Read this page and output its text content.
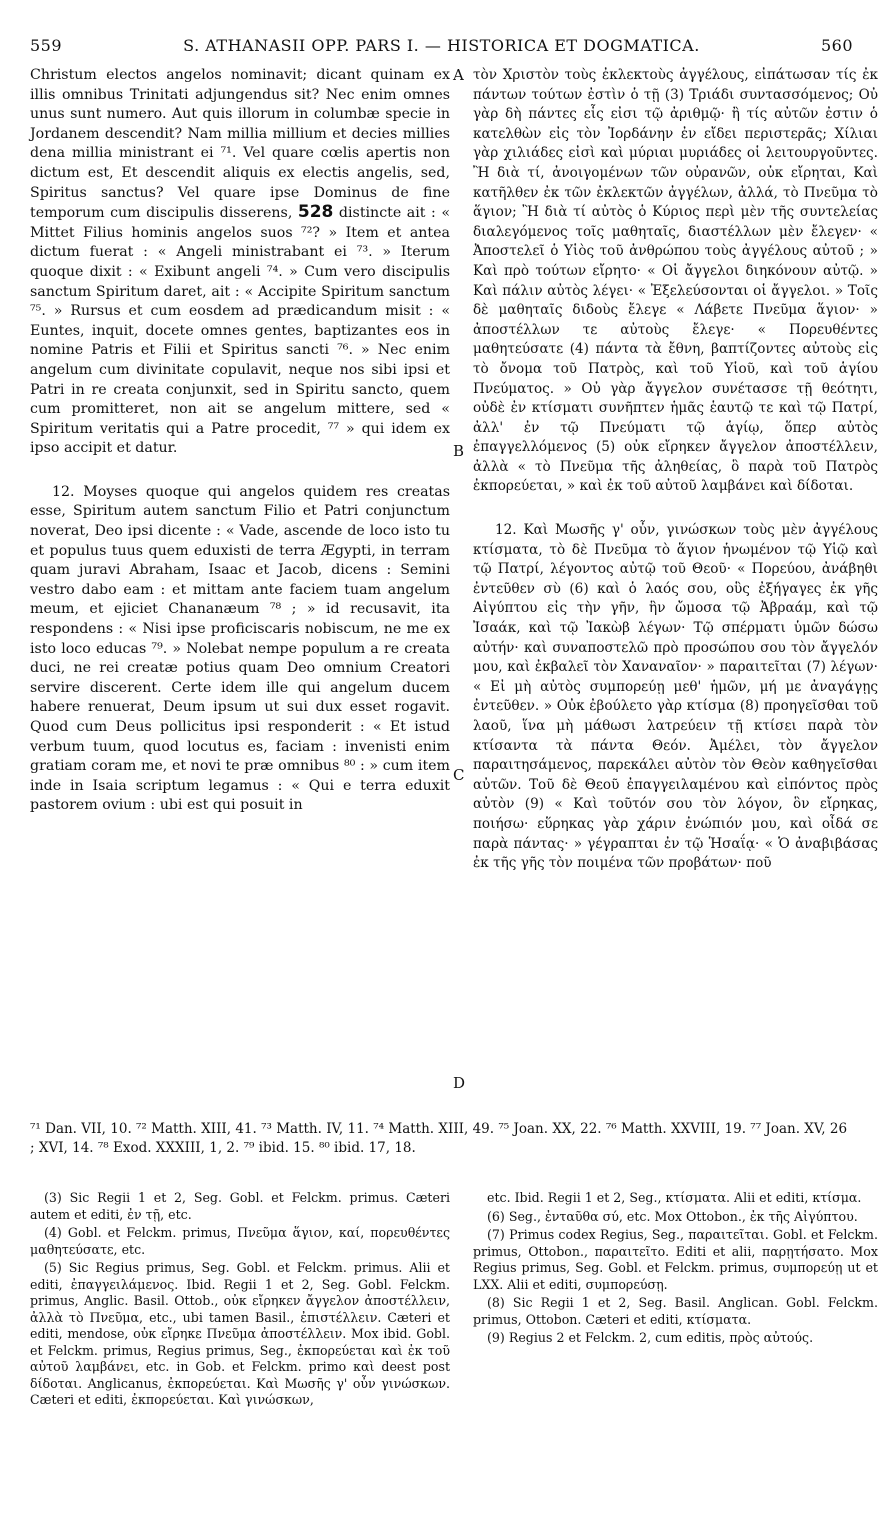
559	S. ATHANASII OPP. PARS I. — HISTORICA ET DOGMATICA.	560
A
B
C
D

Christum electos angelos nominavit; dicant quinam ex illis omnibus Trinitati adjungendus sit? Nec enim omnes unus sunt numero. Aut quis illorum in columbæ specie in Jordanem descendit? Nam millia millium et decies millies dena millia ministrant ei ⁷¹. Vel quare cœlis apertis non dictum est, Et descendit aliquis ex electis angelis, sed, Spiritus sanctus? Vel quare ipse Dominus de fine temporum cum discipulis disserens, 528 distincte ait : « Mittet Filius hominis angelos suos ⁷²? » Item et antea dictum fuerat : « Angeli ministrabant ei ⁷³. » Iterum quoque dixit : « Exibunt angeli ⁷⁴. » Cum vero discipulis sanctum Spiritum daret, ait : « Accipite Spiritum sanctum ⁷⁵. » Rursus et cum eosdem ad prædicandum misit : « Euntes, inquit, docete omnes gentes, baptizantes eos in nomine Patris et Filii et Spiritus sancti ⁷⁶. » Nec enim angelum cum divinitate copulavit, neque nos sibi ipsi et Patri in re creata conjunxit, sed in Spiritu sancto, quem cum promitteret, non ait se angelum mittere, sed « Spiritum veritatis qui a Patre procedit, ⁷⁷ » qui idem ex ipso accipit et datur.

12. Moyses quoque qui angelos quidem res creatas esse, Spiritum autem sanctum Filio et Patri conjunctum noverat, Deo ipsi dicente : « Vade, ascende de loco isto tu et populus tuus quem eduxisti de terra Ægypti, in terram quam juravi Abraham, Isaac et Jacob, dicens : Semini vestro dabo eam : et mittam ante faciem tuam angelum meum, et ejiciet Chananæum ⁷⁸ ; » id recusavit, ita respondens : « Nisi ipse proficiscaris nobiscum, ne me ex isto loco educas ⁷⁹. » Nolebat nempe populum a re creata duci, ne rei creatæ potius quam Deo omnium Creatori servire discerent. Certe idem ille qui angelum ducem habere renuerat, Deum ipsum ut sui dux esset rogavit. Quod cum Deus pollicitus ipsi responderit : « Et istud verbum tuum, quod locutus es, faciam : invenisti enim gratiam coram me, et novi te præ omnibus ⁸⁰ : » cum item inde in Isaia scriptum legamus : « Qui e terra eduxit pastorem ovium : ubi est qui posuit in

τὸν Χριστὸν τοὺς ἐκλεκτοὺς ἀγγέλους, εἰπάτωσαν τίς ἐκ πάντων τούτων ἐστὶν ὁ τῇ (3) Τριάδι συντασσόμενος; Οὐ γὰρ δὴ πάντες εἷς εἰσι τῷ ἀριθμῷ· ἢ τίς αὐτῶν ἐστιν ὁ κατελθὼν εἰς τὸν Ἰορδάνην ἐν εἴδει περιστερᾶς; Χίλιαι γὰρ χιλιάδες εἰσὶ καὶ μύριαι μυριάδες οἱ λειτουργοῦντες. Ἢ διὰ τί, ἀνοιγομένων τῶν οὐρανῶν, οὐκ εἴρηται, Καὶ κατῆλθεν ἐκ τῶν ἐκλεκτῶν ἀγγέλων, ἀλλά, τὸ Πνεῦμα τὸ ἅγιον; Ἢ διὰ τί αὐτὸς ὁ Κύριος περὶ μὲν τῆς συντελείας διαλεγόμενος τοῖς μαθηταῖς, διαστέλλων μὲν ἔλεγεν· « Ἀποστελεῖ ὁ Υἱὸς τοῦ ἀνθρώπου τοὺς ἀγγέλους αὐτοῦ ; » Καὶ πρὸ τούτων εἴρητο· « Οἱ ἄγγελοι διηκόνουν αὐτῷ. » Καὶ πάλιν αὐτὸς λέγει· « Ἐξελεύσονται οἱ ἄγγελοι. » Τοῖς δὲ μαθηταῖς διδοὺς ἔλεγε « Λάβετε Πνεῦμα ἅγιον· » ἀποστέλλων τε αὐτοὺς ἔλεγε· « Πορευθέντες μαθητεύσατε (4) πάντα τὰ ἔθνη, βαπτίζοντες αὐτοὺς εἰς τὸ ὄνομα τοῦ Πατρὸς, καὶ τοῦ Υἱοῦ, καὶ τοῦ ἁγίου Πνεύματος. » Οὐ γὰρ ἄγγελον συνέτασσε τῇ θεότητι, οὐδὲ ἐν κτίσματι συνῆπτεν ἡμᾶς ἑαυτῷ τε καὶ τῷ Πατρί, ἀλλ' ἐν τῷ Πνεύματι τῷ ἁγίῳ, ὅπερ αὐτὸς ἐπαγγελλόμενος (5) οὐκ εἴρηκεν ἄγγελον ἀποστέλλειν, ἀλλὰ « τὸ Πνεῦμα τῆς ἀληθείας, ὃ παρὰ τοῦ Πατρὸς ἐκπορεύεται, » καὶ ἐκ τοῦ αὐτοῦ λαμβάνει καὶ δίδοται.

12. Καὶ Μωσῆς γ' οὖν, γινώσκων τοὺς μὲν ἀγγέλους κτίσματα, τὸ δὲ Πνεῦμα τὸ ἅγιον ἡνωμένον τῷ Υἱῷ καὶ τῷ Πατρί, λέγοντος αὐτῷ τοῦ Θεοῦ· « Πορεύου, ἀνάβηθι ἐντεῦθεν σὺ (6) καὶ ὁ λαός σου, οὓς ἐξήγαγες ἐκ γῆς Αἰγύπτου εἰς τὴν γῆν, ἣν ὤμοσα τῷ Ἀβραάμ, καὶ τῷ Ἰσαάκ, καὶ τῷ Ἰακὼβ λέγων· Τῷ σπέρματι ὑμῶν δώσω αὐτήν· καὶ συναποστελῶ πρὸ προσώπου σου τὸν ἄγγελόν μου, καὶ ἐκβαλεῖ τὸν Χαναναῖον· » παραιτεῖται (7) λέγων· « Εἰ μὴ αὐτὸς συμπορεύῃ μεθ' ἡμῶν, μή με ἀναγάγῃς ἐντεῦθεν. » Οὐκ ἐβούλετο γὰρ κτίσμα (8) προηγεῖσθαι τοῦ λαοῦ, ἵνα μὴ μάθωσι λατρεύειν τῇ κτίσει παρὰ τὸν κτίσαντα τὰ πάντα Θεόν. Ἀμέλει, τὸν ἄγγελον παραιτησάμενος, παρεκάλει αὐτὸν τὸν Θεὸν καθηγεῖσθαι αὐτῶν. Τοῦ δὲ Θεοῦ ἐπαγγειλαμένου καὶ εἰπόντος πρὸς αὐτὸν (9) « Καὶ τοῦτόν σου τὸν λόγον, ὃν εἴρηκας, ποιήσω· εὕρηκας γὰρ χάριν ἐνώπιόν μου, καὶ οἶδά σε παρὰ πάντας· » γέγραπται ἐν τῷ Ἡσαΐᾳ· « Ὁ ἀναβιβάσας ἐκ τῆς γῆς τὸν ποιμένα τῶν προβάτων· ποῦ

⁷¹ Dan. VII, 10. ⁷² Matth. XIII, 41. ⁷³ Matth. IV, 11. ⁷⁴ Matth. XIII, 49. ⁷⁵ Joan. XX, 22. ⁷⁶ Matth. XXVIII, 19. ⁷⁷ Joan. XV, 26 ; XVI, 14. ⁷⁸ Exod. XXXIII, 1, 2. ⁷⁹ ibid. 15. ⁸⁰ ibid. 17, 18.

(3) Sic Regii 1 et 2, Seg. Gobl. et Felckm. primus. Cæteri autem et editi, ἐν τῇ, etc.

(4) Gobl. et Felckm. primus, Πνεῦμα ἅγιον, καί, πορευθέντες μαθητεύσατε, etc.

(5) Sic Regius primus, Seg. Gobl. et Felckm. primus. Alii et editi, ἐπαγγειλάμενος. Ibid. Regii 1 et 2, Seg. Gobl. Felckm. primus, Anglic. Basil. Ottob., οὐκ εἴρηκεν ἄγγελον ἀποστέλλειν, ἀλλὰ τὸ Πνεῦμα, etc., ubi tamen Basil., ἐπιστέλλειν. Cæteri et editi, mendose, οὐκ εἴρηκε Πνεῦμα ἀποστέλλειν. Mox ibid. Gobl. et Felckm. primus, Regius primus, Seg., ἐκπορεύεται καὶ ἐκ τοῦ αὐτοῦ λαμβάνει, etc. in Gob. et Felckm. primo καὶ deest post δίδοται. Anglicanus, ἐκπορεύεται. Καὶ Μωσῆς γ' οὖν γινώσκων. Cæteri et editi, ἐκπορεύεται. Καὶ γινώσκων,

etc. Ibid. Regii 1 et 2, Seg., κτίσματα. Alii et editi, κτίσμα.

(6) Seg., ἐνταῦθα σύ, etc. Mox Ottobon., ἐκ τῆς Αἰγύπτου.

(7) Primus codex Regius, Seg., παραιτεῖται. Gobl. et Felckm. primus, Ottobon., παραιτεῖτο. Editi et alii, παρῃτήσατο. Mox Regius primus, Seg. Gobl. et Felckm. primus, συμπορεύῃ ut et LXX. Alii et editi, συμπορεύσῃ.

(8) Sic Regii 1 et 2, Seg. Basil. Anglican. Gobl. Felckm. primus, Ottobon. Cæteri et editi, κτίσματα.

(9) Regius 2 et Felckm. 2, cum editis, πρὸς αὐτούς.
